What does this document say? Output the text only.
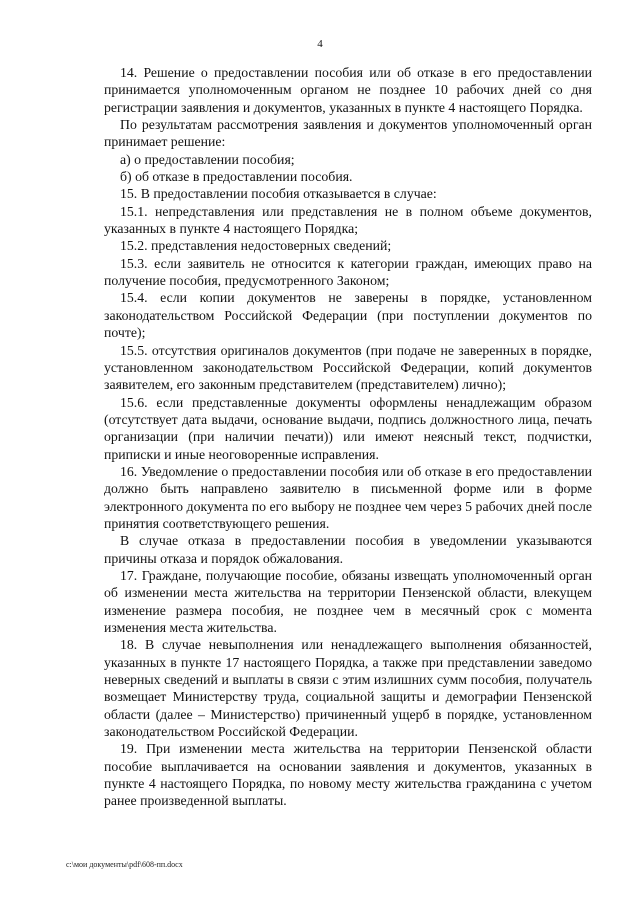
4

14. Решение о предоставлении пособия или об отказе в его предоставлении принимается уполномоченным органом не позднее 10 рабочих дней со дня регистрации заявления и документов, указанных в пункте 4 настоящего Порядка.

По результатам рассмотрения заявления и документов уполномоченный орган принимает решение:

а) о предоставлении пособия;

б) об отказе в предоставлении пособия.

15. В предоставлении пособия отказывается в случае:

15.1. непредставления или представления не в полном объеме документов, указанных в пункте 4 настоящего Порядка;

15.2. представления недостоверных сведений;

15.3. если заявитель не относится к категории граждан, имеющих право на получение пособия, предусмотренного Законом;

15.4. если копии документов не заверены в порядке, установленном законодательством Российской Федерации (при поступлении документов по почте);

15.5. отсутствия оригиналов документов (при подаче не заверенных в порядке, установленном законодательством Российской Федерации, копий документов заявителем, его законным представителем (представителем) лично);

15.6. если представленные документы оформлены ненадлежащим образом (отсутствует дата выдачи, основание выдачи, подпись должностного лица, печать организации (при наличии печати)) или имеют неясный текст, подчистки, приписки и иные неоговоренные исправления.

16. Уведомление о предоставлении пособия или об отказе в его предоставлении должно быть направлено заявителю в письменной форме или в форме электронного документа по его выбору не позднее чем через 5 рабочих дней после принятия соответствующего решения.

В случае отказа в предоставлении пособия в уведомлении указываются причины отказа и порядок обжалования.

17. Граждане, получающие пособие, обязаны извещать уполномоченный орган об изменении места жительства на территории Пензенской области, влекущем изменение размера пособия, не позднее чем в месячный срок с момента изменения места жительства.

18. В случае невыполнения или ненадлежащего выполнения обязанностей, указанных в пункте 17 настоящего Порядка, а также при представлении заведомо неверных сведений и выплаты в связи с этим излишних сумм пособия, получатель возмещает Министерству труда, социальной защиты и демографии Пензенской области (далее – Министерство) причиненный ущерб в порядке, установленном законодательством Российской Федерации.

19. При изменении места жительства на территории Пензенской области пособие выплачивается на основании заявления и документов, указанных в пункте 4 настоящего Порядка, по новому месту жительства гражданина с учетом ранее произведенной выплаты.

c:\мои документы\pdf\608-пп.docx
